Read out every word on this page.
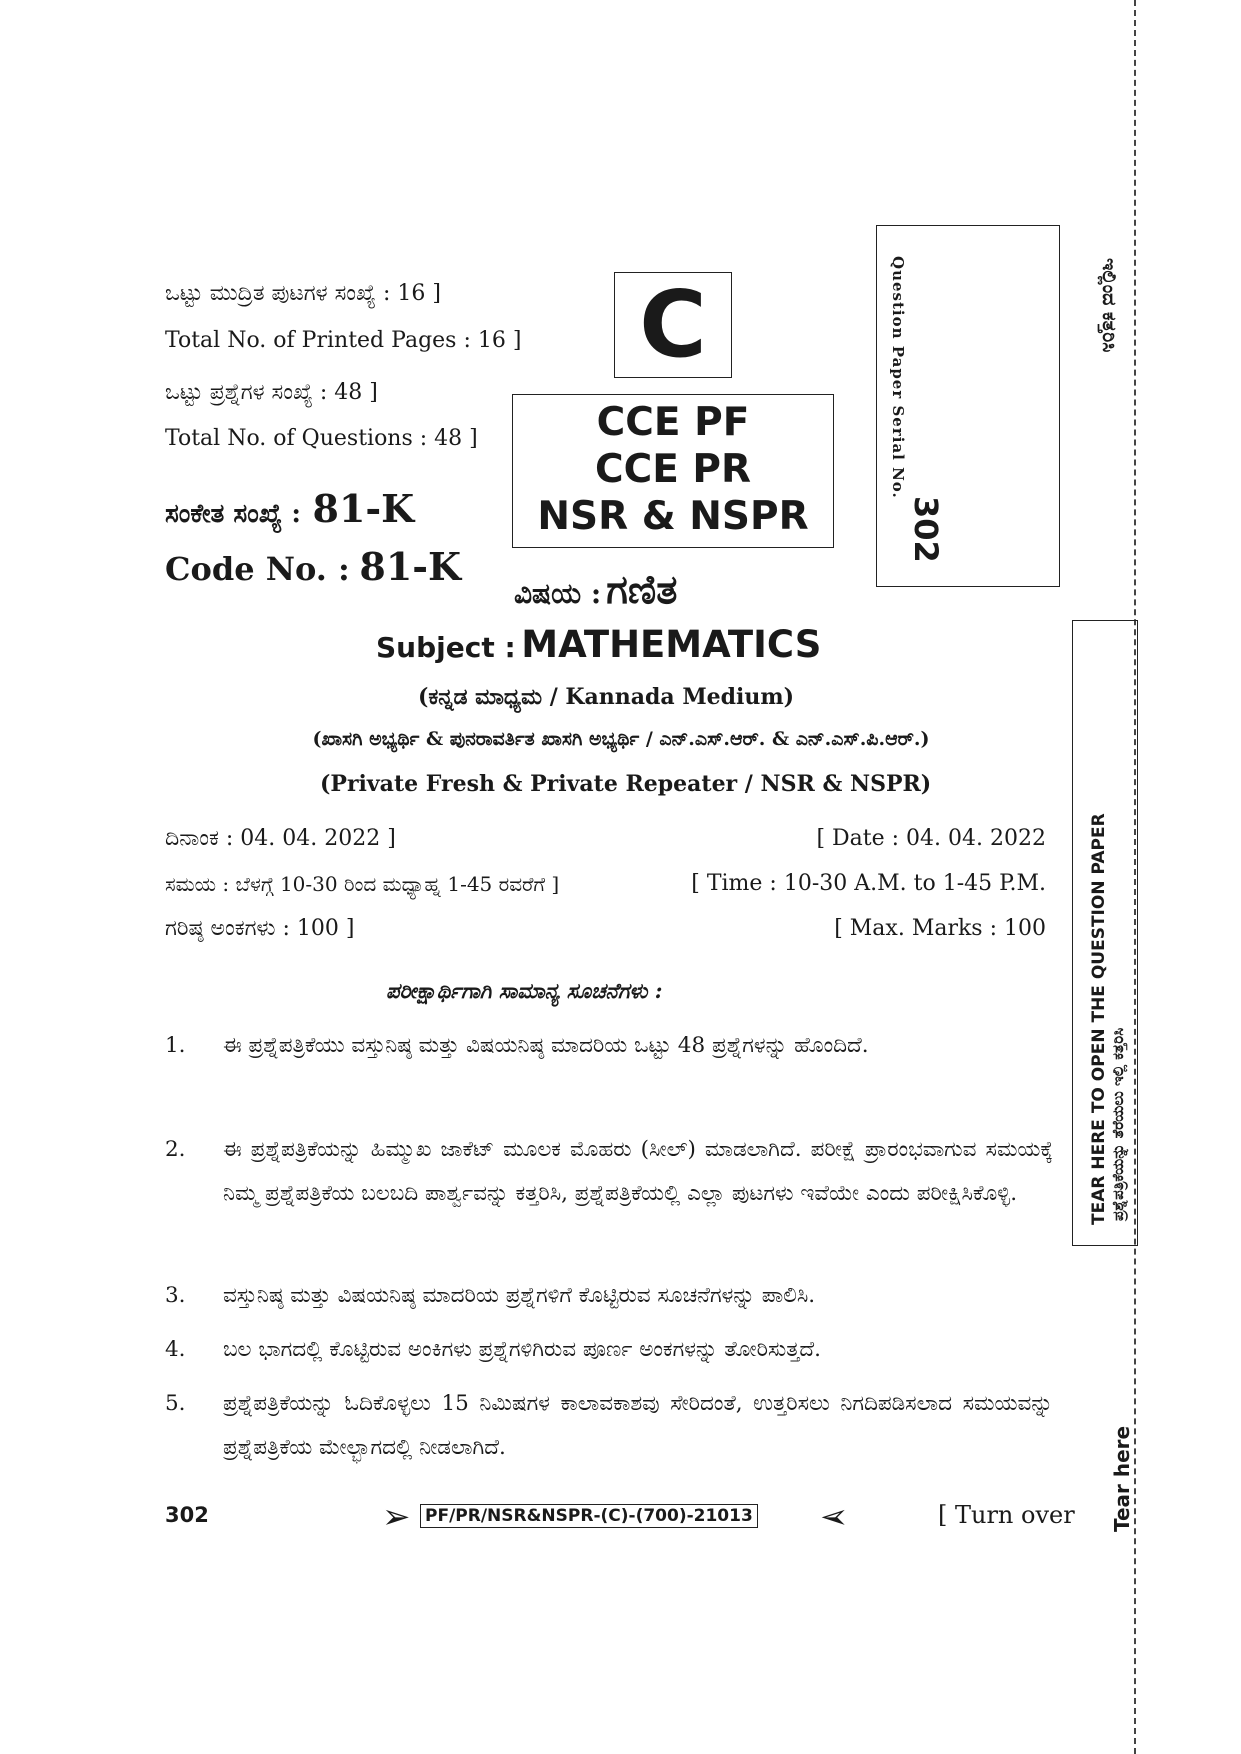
ಒಟ್ಟು ಮುದ್ರಿತ ಪುಟಗಳ ಸಂಖ್ಯೆ : 16 ]
Total No. of Printed Pages : 16 ]
ಒಟ್ಟು ಪ್ರಶ್ನೆಗಳ ಸಂಖ್ಯೆ : 48 ]
Total No. of Questions : 48 ]
ಸಂಕೇತ ಸಂಖ್ಯೆ : 81-K
Code No. : 81-K
C
CCE PF
CCE PR
NSR & NSPR
ವಿಷಯ : ಗಣಿತ
Subject : MATHEMATICS
(ಕನ್ನಡ ಮಾಧ್ಯಮ / Kannada Medium)
(ಖಾಸಗಿ ಅಭ್ಯರ್ಥಿ & ಪುನರಾವರ್ತಿತ ಖಾಸಗಿ ಅಭ್ಯರ್ಥಿ / ಎನ್.ಎಸ್.ಆರ್. & ಎನ್.ಎಸ್.ಪಿ.ಆರ್.)
(Private Fresh & Private Repeater / NSR & NSPR)
ದಿನಾಂಕ : 04. 04. 2022 ]	[ Date : 04. 04. 2022
ಸಮಯ : ಬೆಳಗ್ಗೆ 10-30 ರಿಂದ ಮಧ್ಯಾಹ್ನ 1-45 ರವರೆಗೆ ]	[ Time : 10-30 A.M. to 1-45 P.M.
ಗರಿಷ್ಠ ಅಂಕಗಳು : 100 ]	[ Max. Marks : 100
ಪರೀಕ್ಷಾರ್ಥಿಗಾಗಿ ಸಾಮಾನ್ಯ ಸೂಚನೆಗಳು :
1. ಈ ಪ್ರಶ್ನೆಪತ್ರಿಕೆಯು ವಸ್ತುನಿಷ್ಠ ಮತ್ತು ವಿಷಯನಿಷ್ಠ ಮಾದರಿಯ ಒಟ್ಟು 48 ಪ್ರಶ್ನೆಗಳನ್ನು ಹೊಂದಿದೆ.
2. ಈ ಪ್ರಶ್ನೆಪತ್ರಿಕೆಯನ್ನು ಹಿಮ್ಮುಖ ಜಾಕೆಟ್ ಮೂಲಕ ಮೊಹರು (ಸೀಲ್) ಮಾಡಲಾಗಿದೆ. ಪರೀಕ್ಷೆ ಪ್ರಾರಂಭವಾಗುವ ಸಮಯಕ್ಕೆ ನಿಮ್ಮ ಪ್ರಶ್ನೆಪತ್ರಿಕೆಯ ಬಲಬದಿ ಪಾರ್ಶ್ವವನ್ನು ಕತ್ತರಿಸಿ, ಪ್ರಶ್ನೆಪತ್ರಿಕೆಯಲ್ಲಿ ಎಲ್ಲಾ ಪುಟಗಳು ಇವೆಯೇ ಎಂದು ಪರೀಕ್ಷಿಸಿಕೊಳ್ಳಿ.
3. ವಸ್ತುನಿಷ್ಠ ಮತ್ತು ವಿಷಯನಿಷ್ಠ ಮಾದರಿಯ ಪ್ರಶ್ನೆಗಳಿಗೆ ಕೊಟ್ಟಿರುವ ಸೂಚನೆಗಳನ್ನು ಪಾಲಿಸಿ.
4. ಬಲ ಭಾಗದಲ್ಲಿ ಕೊಟ್ಟಿರುವ ಅಂಕಿಗಳು ಪ್ರಶ್ನೆಗಳಿಗಿರುವ ಪೂರ್ಣ ಅಂಕಗಳನ್ನು ತೋರಿಸುತ್ತದೆ.
5. ಪ್ರಶ್ನೆಪತ್ರಿಕೆಯನ್ನು ಓದಿಕೊಳ್ಳಲು 15 ನಿಮಿಷಗಳ ಕಾಲಾವಕಾಶವು ಸೇರಿದಂತೆ, ಉತ್ತರಿಸಲು ನಿಗದಿಪಡಿಸಲಾದ ಸಮಯವನ್ನು ಪ್ರಶ್ನೆಪತ್ರಿಕೆಯ ಮೇಲ್ಭಾಗದಲ್ಲಿ ನೀಡಲಾಗಿದೆ.
Question Paper Serial No.
302
ಇಲ್ಲಿಂದ ಕತ್ತರಿಸಿ
TEAR HERE TO OPEN THE QUESTION PAPER ಪ್ರಶ್ನೆಪತ್ರಿಕೆಯನ್ನು ತೆರೆಯಲು ಇಲ್ಲಿ ಕತ್ತರಿಸಿ
Tear here
302	➢ PF/PR/NSR&NSPR-(C)-(700)-21013 ➢	[ Turn over
